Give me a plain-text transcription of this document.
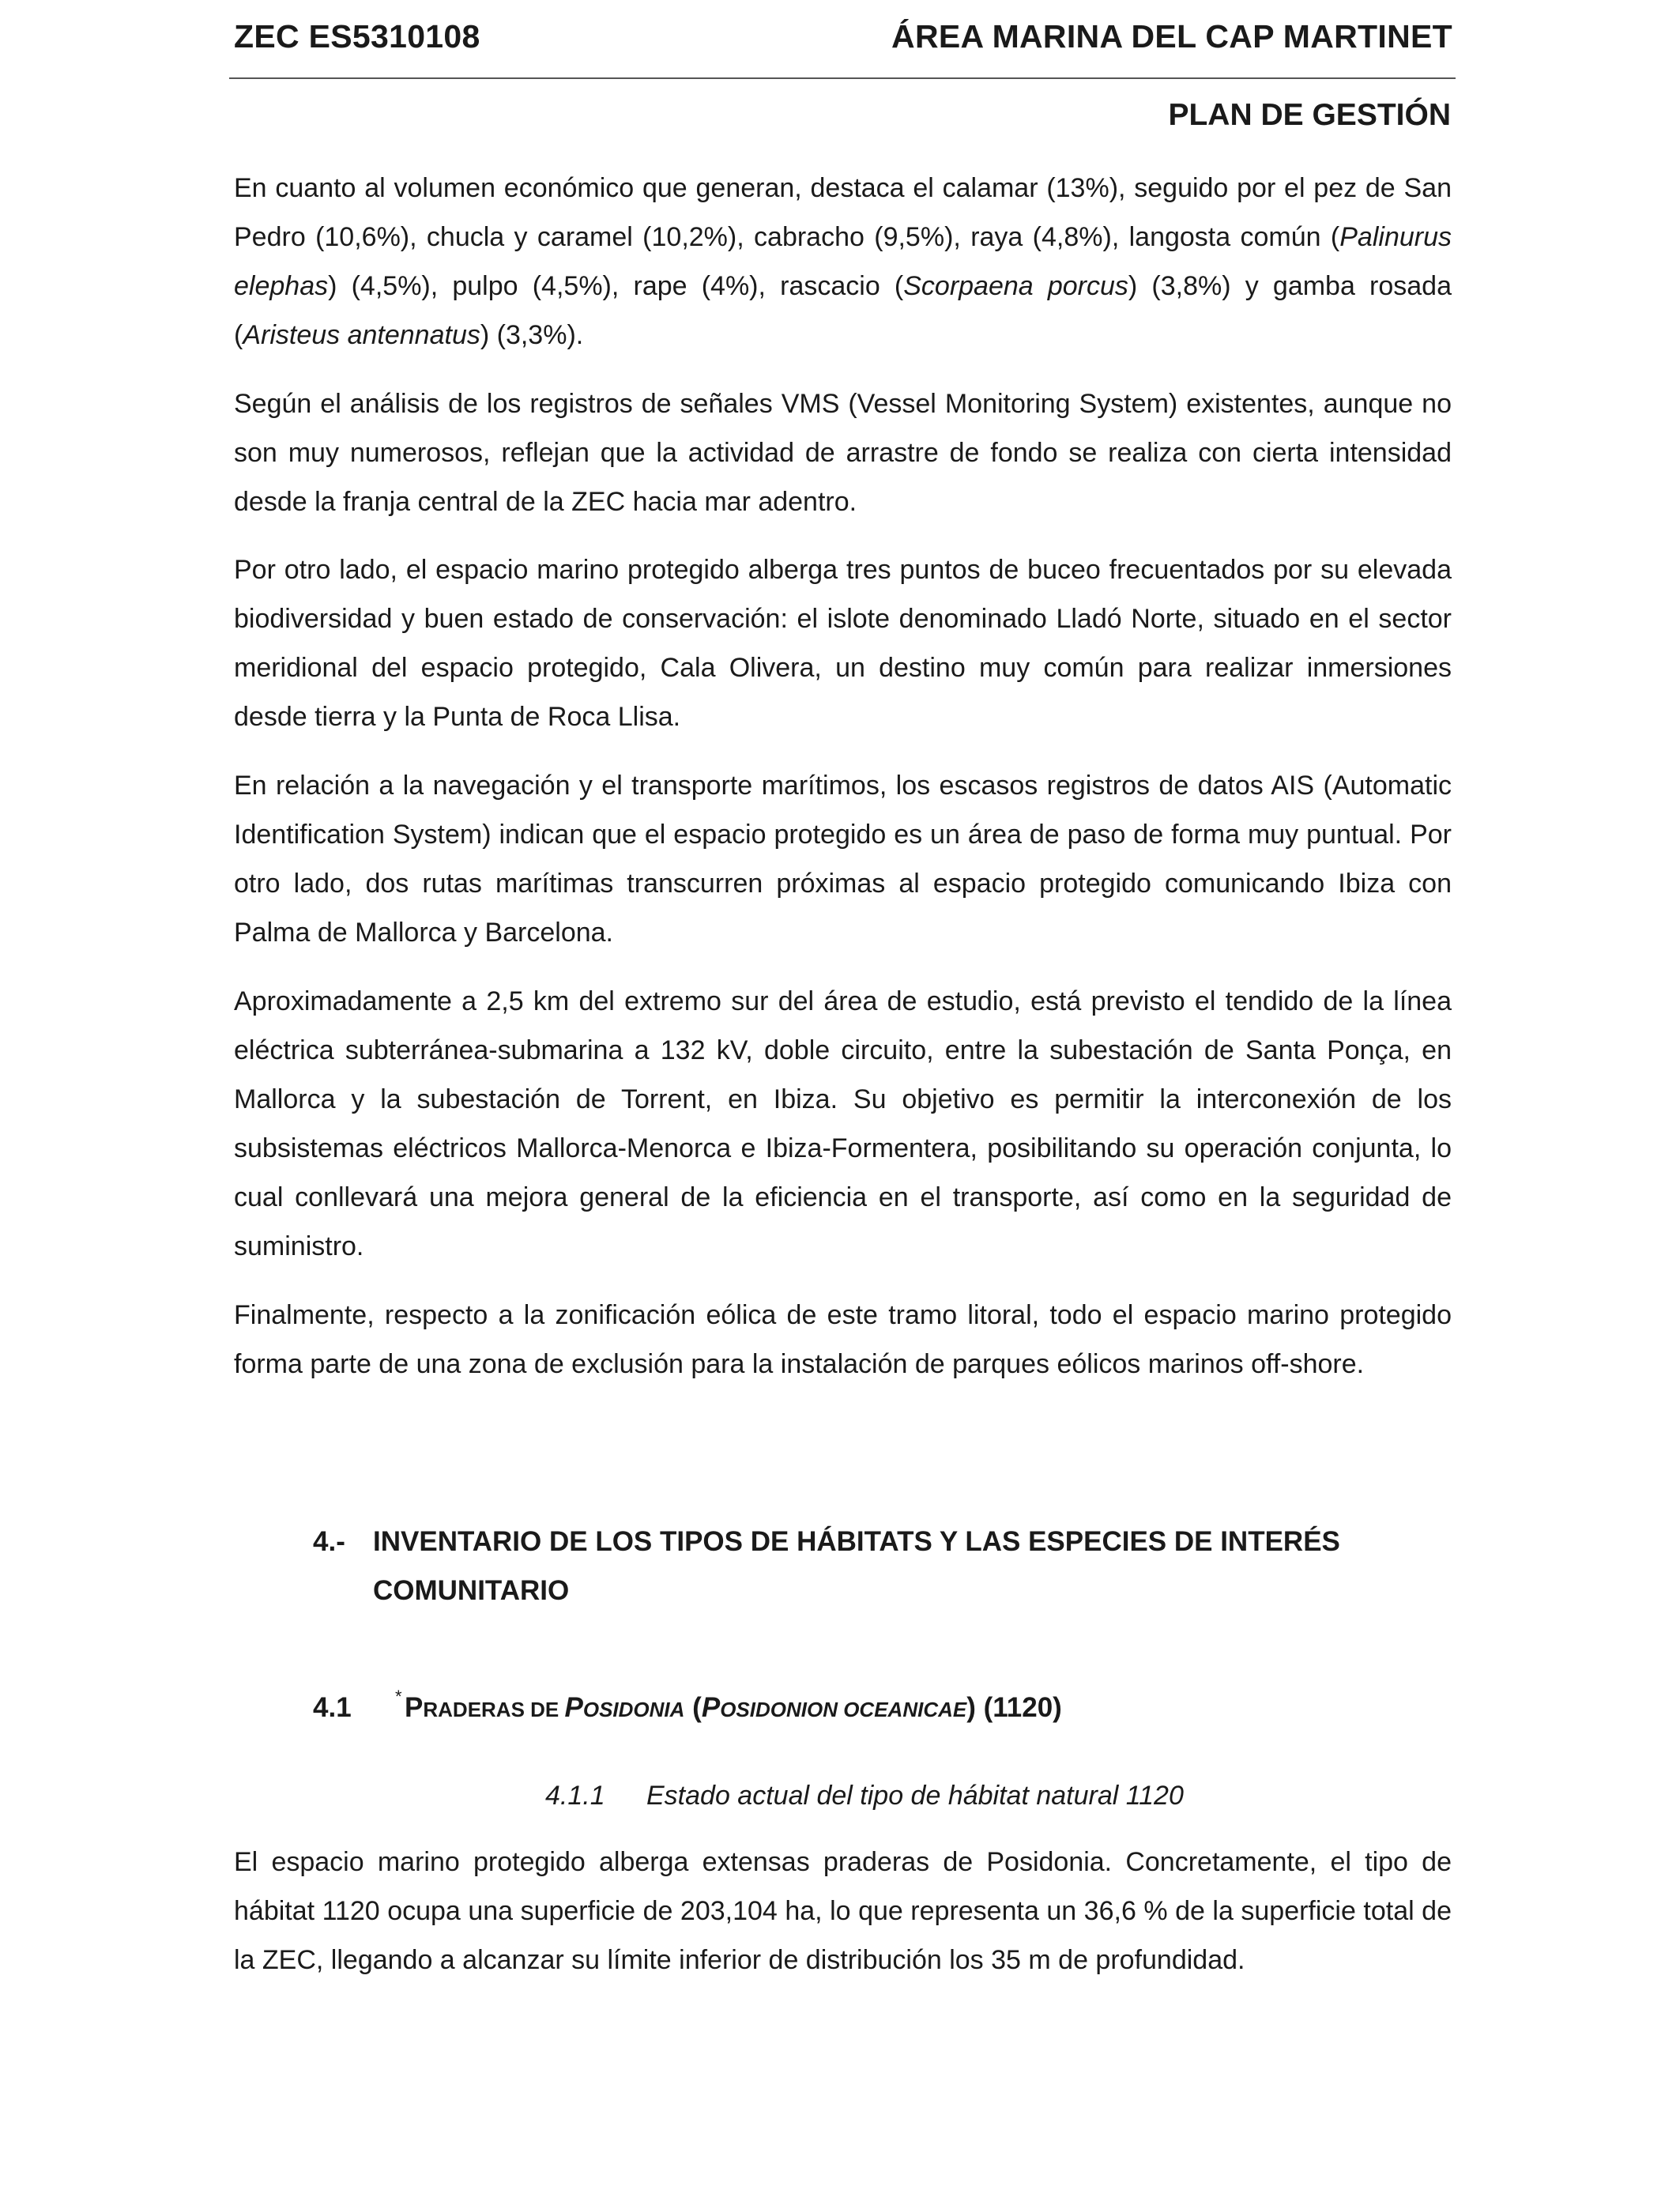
ZEC ES5310108	ÁREA MARINA DEL CAP MARTINET
PLAN DE GESTIÓN

En cuanto al volumen económico que generan, destaca el calamar (13%), seguido por el pez de San Pedro (10,6%), chucla y caramel (10,2%), cabracho (9,5%), raya (4,8%), langosta común (Palinurus elephas) (4,5%), pulpo (4,5%), rape (4%), rascacio (Scorpaena porcus) (3,8%) y gamba rosada (Aristeus antennatus) (3,3%).

Según el análisis de los registros de señales VMS (Vessel Monitoring System) existentes, aunque no son muy numerosos, reflejan que la actividad de arrastre de fondo se realiza con cierta intensidad desde la franja central de la ZEC hacia mar adentro.

Por otro lado, el espacio marino protegido alberga tres puntos de buceo frecuentados por su elevada biodiversidad y buen estado de conservación: el islote denominado Lladó Norte, situado en el sector meridional del espacio protegido, Cala Olivera, un destino muy común para realizar inmersiones desde tierra y la Punta de Roca Llisa.

En relación a la navegación y el transporte marítimos, los escasos registros de datos AIS (Automatic Identification System) indican que el espacio protegido es un área de paso de forma muy puntual. Por otro lado, dos rutas marítimas transcurren próximas al espacio protegido comunicando Ibiza con Palma de Mallorca y Barcelona.

Aproximadamente a 2,5 km del extremo sur del área de estudio, está previsto el tendido de la línea eléctrica subterránea-submarina a 132 kV, doble circuito, entre la subestación de Santa Ponça, en Mallorca y la subestación de Torrent, en Ibiza. Su objetivo es permitir la interconexión de los subsistemas eléctricos Mallorca-Menorca e Ibiza-Formentera, posibilitando su operación conjunta, lo cual conllevará una mejora general de la eficiencia en el transporte, así como en la seguridad de suministro.

Finalmente, respecto a la zonificación eólica de este tramo litoral, todo el espacio marino protegido forma parte de una zona de exclusión para la instalación de parques eólicos marinos off-shore.

4.- INVENTARIO DE LOS TIPOS DE HÁBITATS Y LAS ESPECIES DE INTERÉS COMUNITARIO
4.1	* PRADERAS DE POSIDONIA (POSIDONION OCEANICAE) (1120)
4.1.1 Estado actual del tipo de hábitat natural 1120

El espacio marino protegido alberga extensas praderas de Posidonia. Concretamente, el tipo de hábitat 1120 ocupa una superficie de 203,104 ha, lo que representa un 36,6 % de la superficie total de la ZEC, llegando a alcanzar su límite inferior de distribución los 35 m de profundidad.
